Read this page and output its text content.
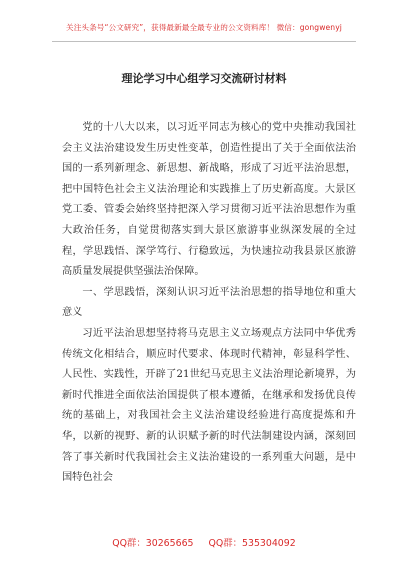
关注头条号“公文研究”，获得最新最全最专业的公文资料库！ 微信：gongwenyj
理论学习中心组学习交流研讨材料

党的十八大以来，以习近平同志为核心的党中央推动我国社会主义法治建设发生历史性变革，创造性提出了关于全面依法治国的一系列新理念、新思想、新战略，形成了习近平法治思想，把中国特色社会主义法治理论和实践推上了历史新高度。大景区党工委、管委会始终坚持把深入学习贯彻习近平法治思想作为重大政治任务，自觉贯彻落实到大景区旅游事业纵深发展的全过程，学思践悟、深学笃行、行稳致远，为快速拉动我县景区旅游高质量发展提供坚强法治保障。

一、学思践悟，深刻认识习近平法治思想的指导地位和重大意义

习近平法治思想坚持将马克思主义立场观点方法同中华优秀传统文化相结合，顺应时代要求、体现时代精神，彰显科学性、人民性、实践性，开辟了21世纪马克思主义法治理论新境界，为新时代推进全面依法治国提供了根本遵循，在继承和发扬优良传统的基础上，对我国社会主义法治建设经验进行高度提炼和升华，以新的视野、新的认识赋予新的时代法制建设内涵，深刻回答了事关新时代我国社会主义法治建设的一系列重大问题，是中国特色社会

QQ群：30265665 QQ群：535304092
